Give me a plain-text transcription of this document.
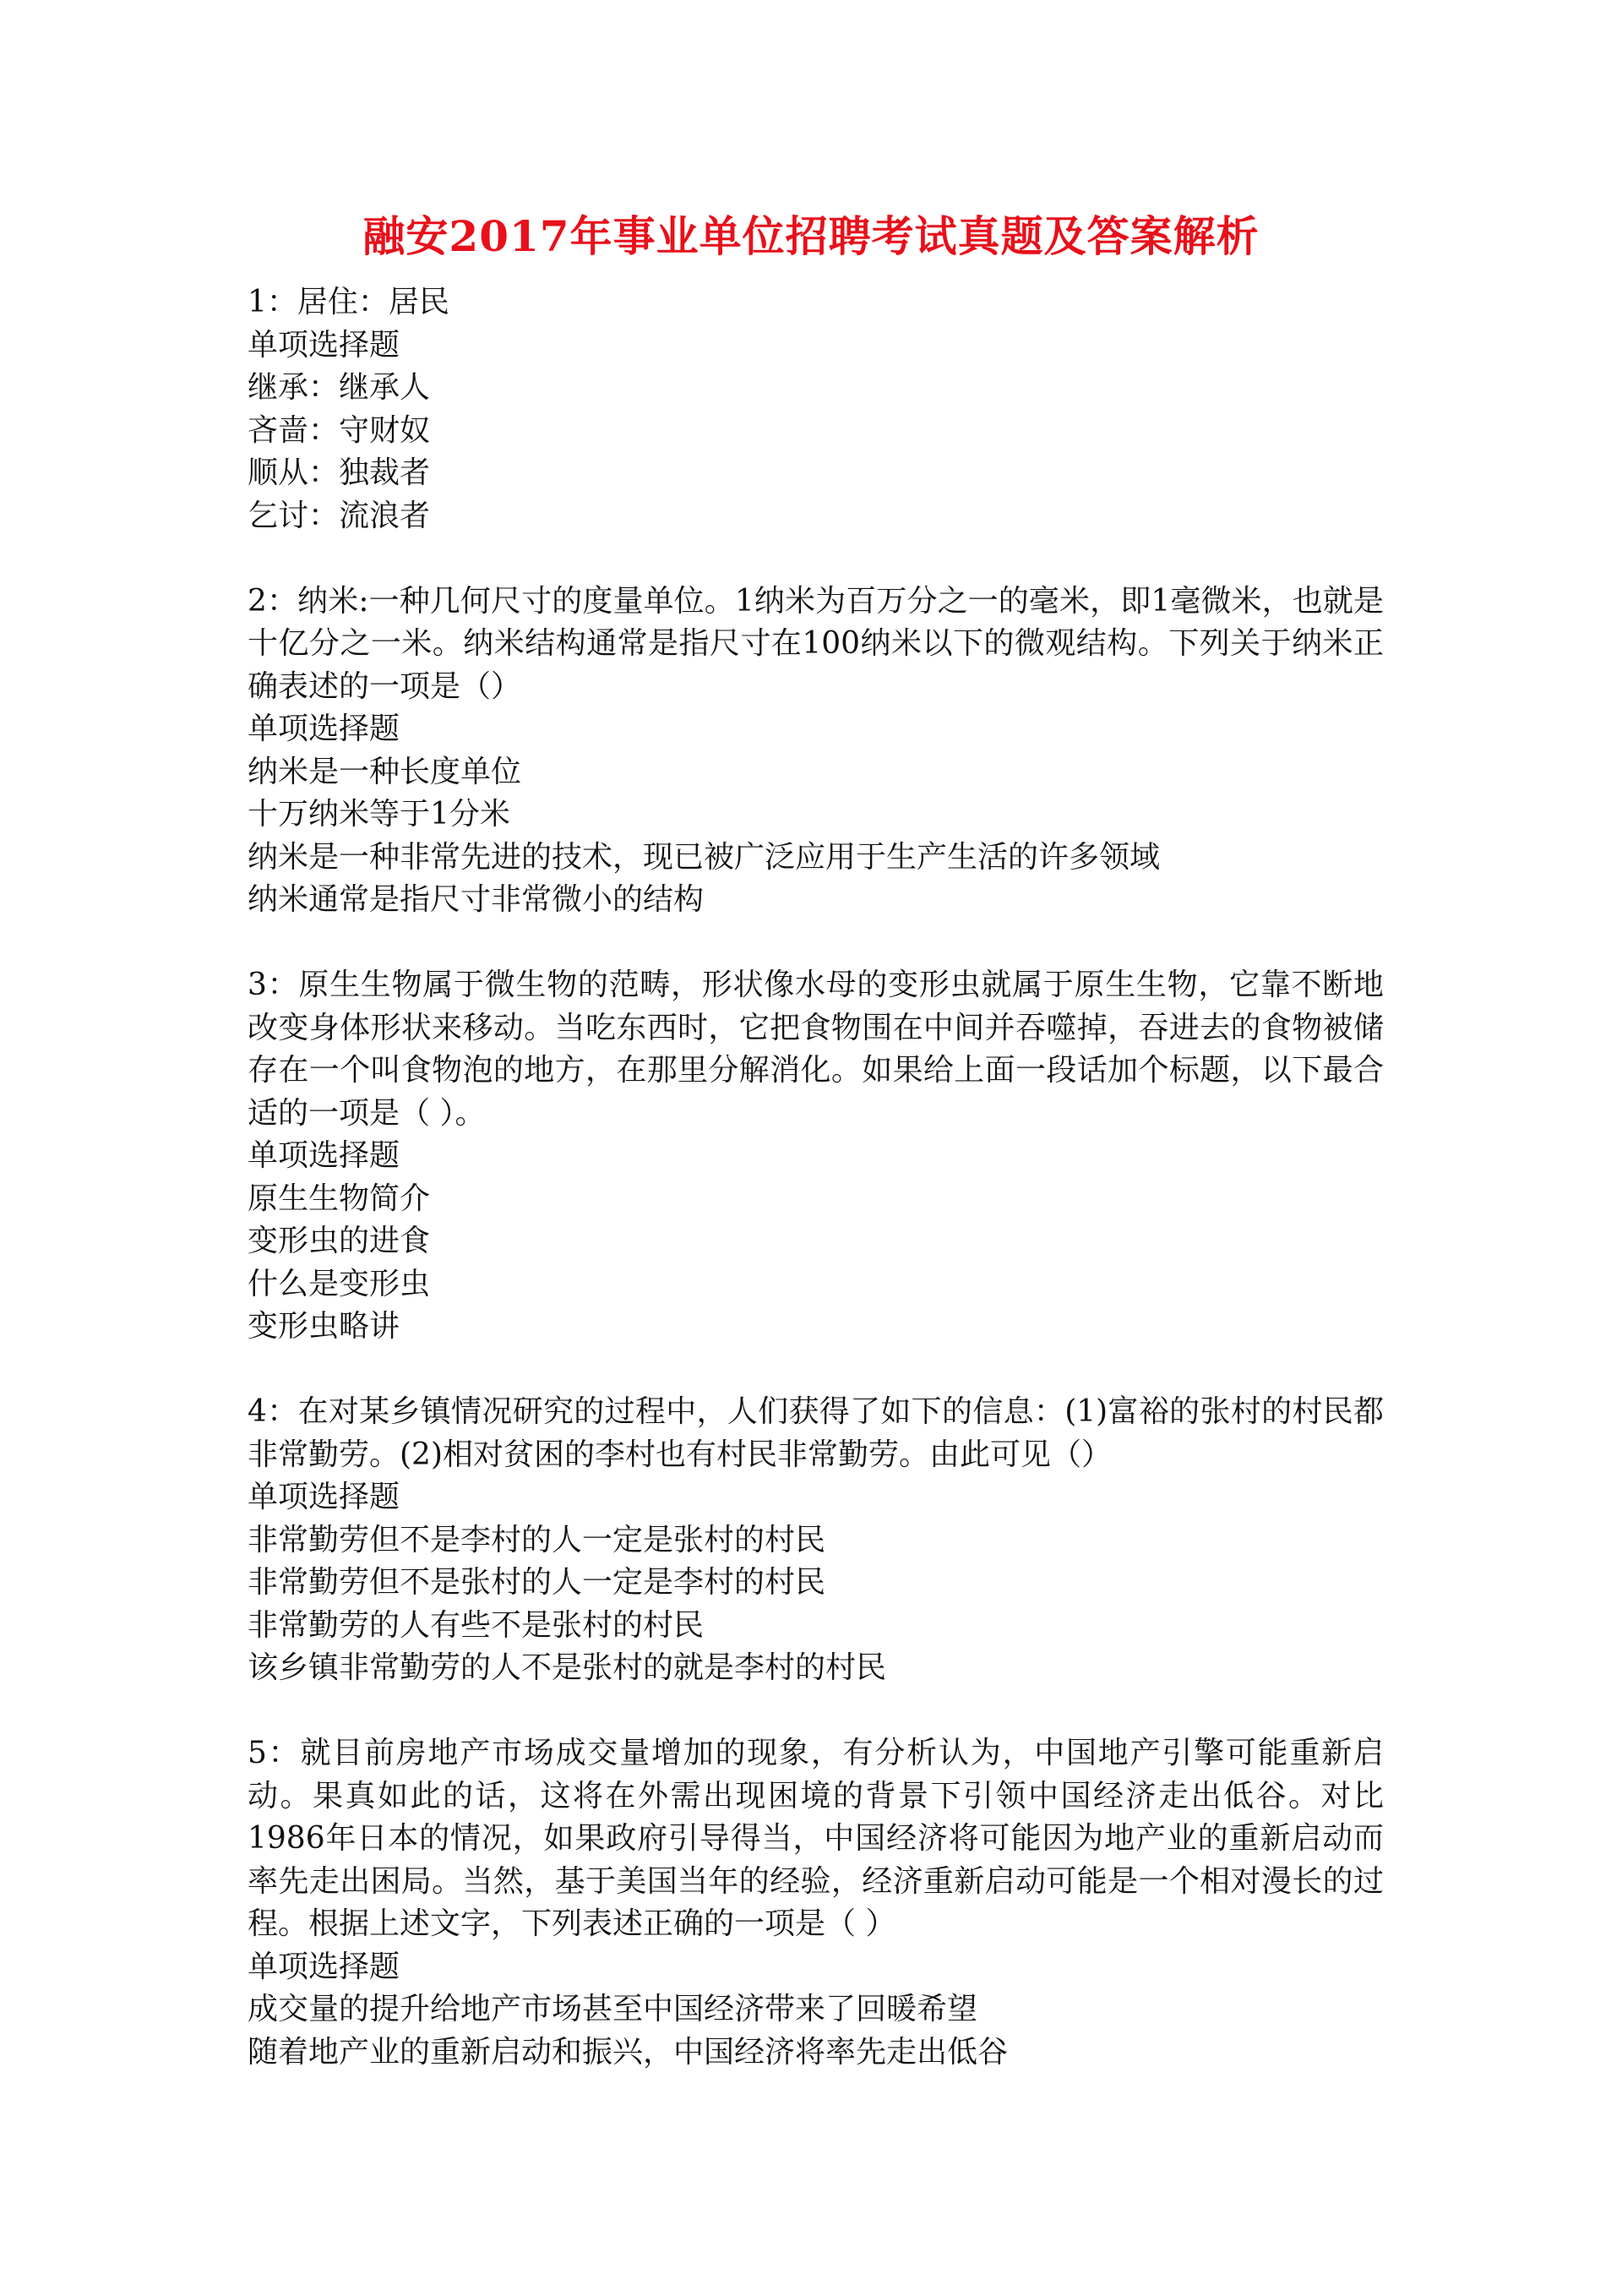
融安2017年事业单位招聘考试真题及答案解析

1：居住：居民

单项选择题

继承：继承人

吝啬：守财奴

顺从：独裁者

乞讨：流浪者

2：纳米:一种几何尺寸的度量单位。1纳米为百万分之一的毫米，即1毫微米，也就是十亿分之一米。纳米结构通常是指尺寸在100纳米以下的微观结构。下列关于纳米正确表述的一项是（）

单项选择题

纳米是一种长度单位

十万纳米等于1分米

纳米是一种非常先进的技术，现已被广泛应用于生产生活的许多领域

纳米通常是指尺寸非常微小的结构

3：原生生物属于微生物的范畴，形状像水母的变形虫就属于原生生物，它靠不断地改变身体形状来移动。当吃东西时，它把食物围在中间并吞噬掉，吞进去的食物被储存在一个叫食物泡的地方，在那里分解消化。如果给上面一段话加个标题，以下最合适的一项是（ ）。

单项选择题

原生生物简介

变形虫的进食

什么是变形虫

变形虫略讲

4：在对某乡镇情况研究的过程中，人们获得了如下的信息：(1)富裕的张村的村民都非常勤劳。(2)相对贫困的李村也有村民非常勤劳。由此可见（）

单项选择题

非常勤劳但不是李村的人一定是张村的村民

非常勤劳但不是张村的人一定是李村的村民

非常勤劳的人有些不是张村的村民

该乡镇非常勤劳的人不是张村的就是李村的村民

5：就目前房地产市场成交量增加的现象，有分析认为，中国地产引擎可能重新启动。果真如此的话，这将在外需出现困境的背景下引领中国经济走出低谷。对比1986年日本的情况，如果政府引导得当，中国经济将可能因为地产业的重新启动而率先走出困局。当然，基于美国当年的经验，经济重新启动可能是一个相对漫长的过程。根据上述文字，下列表述正确的一项是（ ）

单项选择题

成交量的提升给地产市场甚至中国经济带来了回暖希望

随着地产业的重新启动和振兴，中国经济将率先走出低谷
